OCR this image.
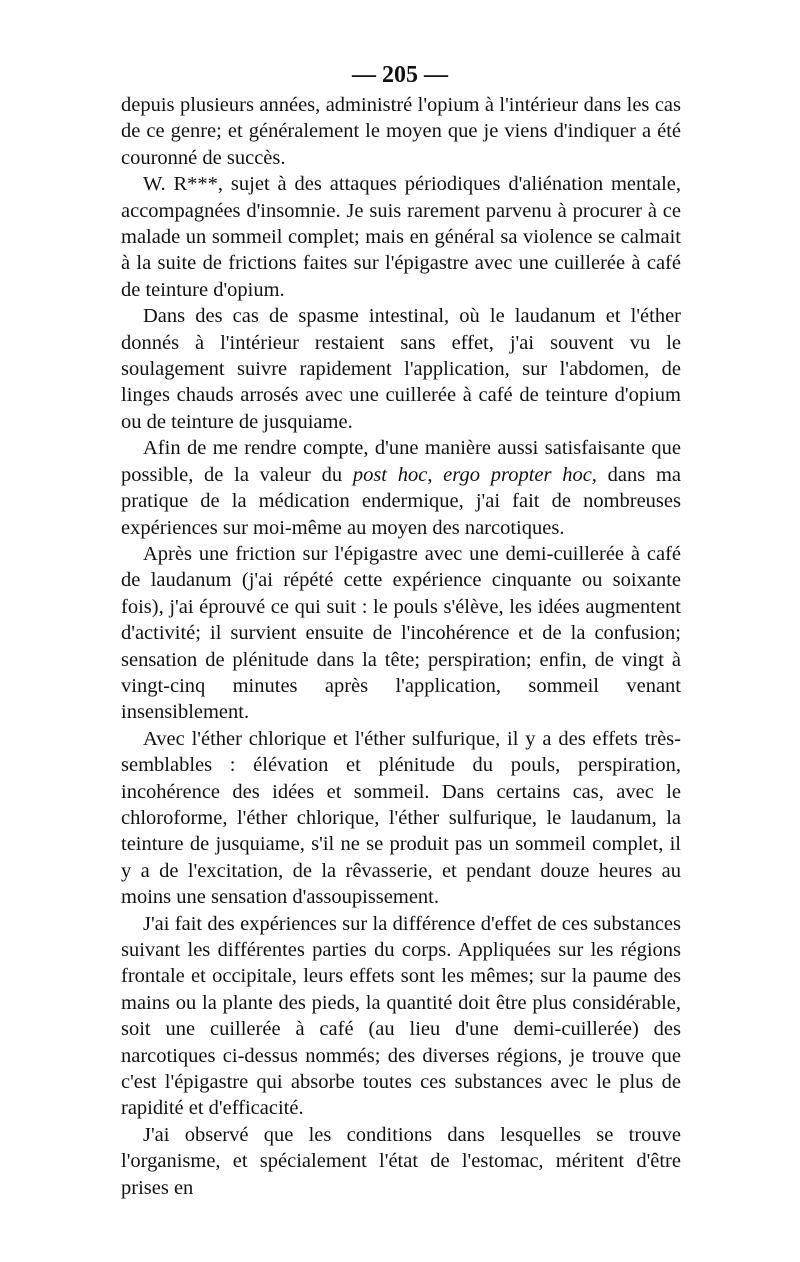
— 205 —

depuis plusieurs années, administré l'opium à l'intérieur dans les cas de ce genre; et généralement le moyen que je viens d'indiquer a été couronné de succès.

W. R***, sujet à des attaques périodiques d'aliénation mentale, accompagnées d'insomnie. Je suis rarement parvenu à procurer à ce malade un sommeil complet; mais en général sa violence se calmait à la suite de frictions faites sur l'épigastre avec une cuillerée à café de teinture d'opium.

Dans des cas de spasme intestinal, où le laudanum et l'éther donnés à l'intérieur restaient sans effet, j'ai souvent vu le soulagement suivre rapidement l'application, sur l'abdomen, de linges chauds arrosés avec une cuillerée à café de teinture d'opium ou de teinture de jusquiame.

Afin de me rendre compte, d'une manière aussi satisfaisante que possible, de la valeur du post hoc, ergo propter hoc, dans ma pratique de la médication endermique, j'ai fait de nombreuses expériences sur moi-même au moyen des narcotiques.

Après une friction sur l'épigastre avec une demi-cuillerée à café de laudanum (j'ai répété cette expérience cinquante ou soixante fois), j'ai éprouvé ce qui suit : le pouls s'élève, les idées augmentent d'activité; il survient ensuite de l'incohérence et de la confusion; sensation de plénitude dans la tête; perspiration; enfin, de vingt à vingt-cinq minutes après l'application, sommeil venant insensiblement.

Avec l'éther chlorique et l'éther sulfurique, il y a des effets très-semblables : élévation et plénitude du pouls, perspiration, incohérence des idées et sommeil. Dans certains cas, avec le chloroforme, l'éther chlorique, l'éther sulfurique, le laudanum, la teinture de jusquiame, s'il ne se produit pas un sommeil complet, il y a de l'excitation, de la rêvasserie, et pendant douze heures au moins une sensation d'assoupissement.

J'ai fait des expériences sur la différence d'effet de ces substances suivant les différentes parties du corps. Appliquées sur les régions frontale et occipitale, leurs effets sont les mêmes; sur la paume des mains ou la plante des pieds, la quantité doit être plus considérable, soit une cuillerée à café (au lieu d'une demi-cuillerée) des narcotiques ci-dessus nommés; des diverses régions, je trouve que c'est l'épigastre qui absorbe toutes ces substances avec le plus de rapidité et d'efficacité.

J'ai observé que les conditions dans lesquelles se trouve l'organisme, et spécialement l'état de l'estomac, méritent d'être prises en
